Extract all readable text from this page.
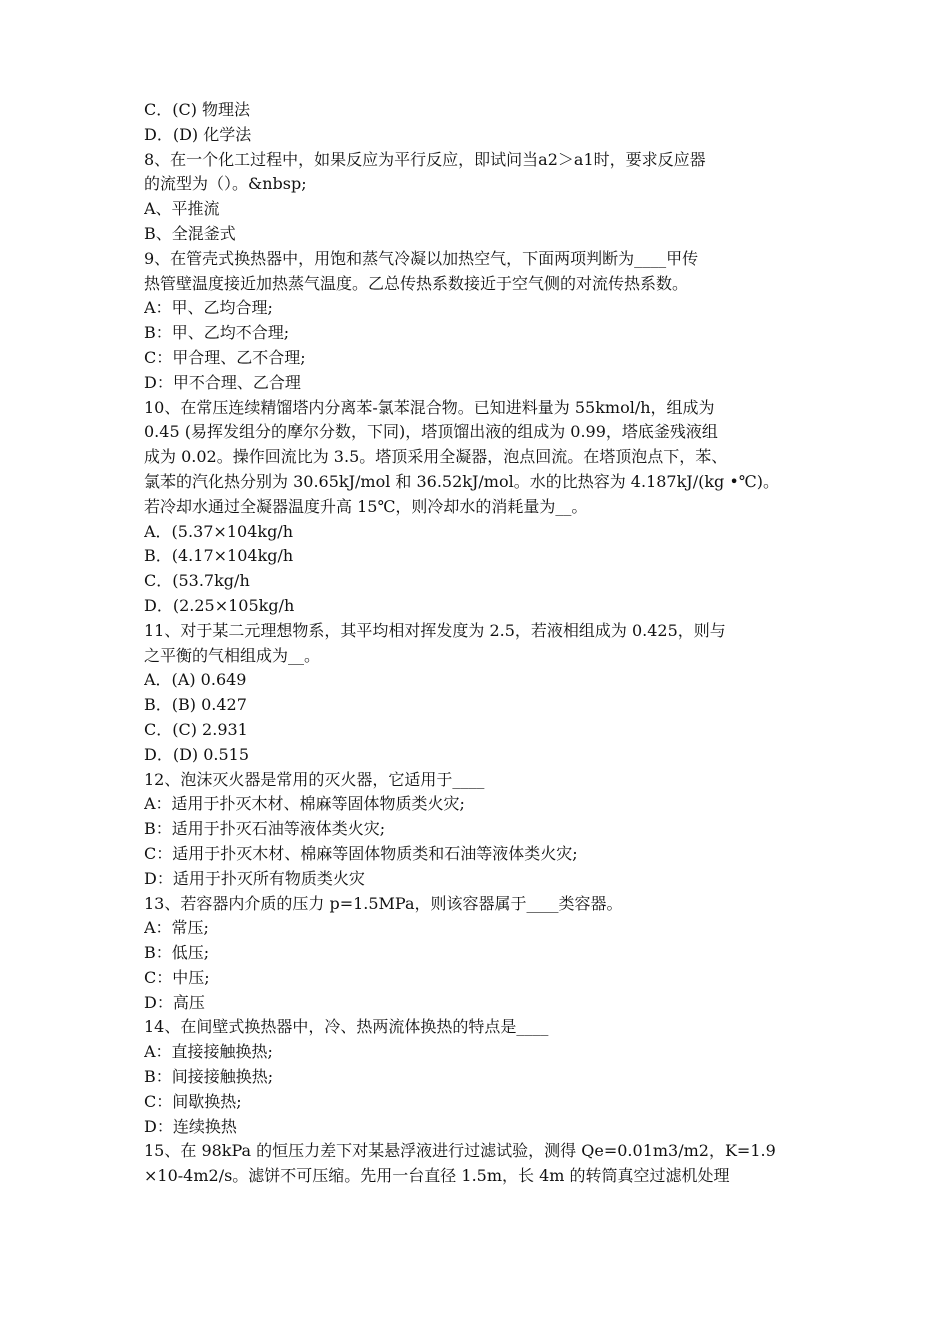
C．(C) 物理法
D．(D) 化学法
8、在一个化工过程中，如果反应为平行反应，即试问当a2＞a1时，要求反应器
的流型为（）。&nbsp;
A、平推流
B、全混釜式
9、在管壳式换热器中，用饱和蒸气冷凝以加热空气，下面两项判断为____甲传
热管壁温度接近加热蒸气温度。乙总传热系数接近于空气侧的对流传热系数。
A：甲、乙均合理;
B：甲、乙均不合理;
C：甲合理、乙不合理;
D：甲不合理、乙合理
10、在常压连续精馏塔内分离苯-氯苯混合物。已知进料量为 55kmol/h，组成为
0.45 (易挥发组分的摩尔分数，下同)，塔顶馏出液的组成为 0.99，塔底釜残液组
成为 0.02。操作回流比为 3.5。塔顶采用全凝器，泡点回流。在塔顶泡点下，苯、
氯苯的汽化热分别为 30.65kJ/mol 和 36.52kJ/mol。水的比热容为 4.187kJ/(kg •℃)。
若冷却水通过全凝器温度升高 15℃，则冷却水的消耗量为__。
A．(5.37×104kg/h
B．(4.17×104kg/h
C．(53.7kg/h
D．(2.25×105kg/h
11、对于某二元理想物系，其平均相对挥发度为 2.5，若液相组成为 0.425，则与
之平衡的气相组成为__。
A．(A) 0.649
B．(B) 0.427
C．(C) 2.931
D．(D) 0.515
12、泡沫灭火器是常用的灭火器，它适用于____
A：适用于扑灭木材、棉麻等固体物质类火灾;
B：适用于扑灭石油等液体类火灾;
C：适用于扑灭木材、棉麻等固体物质类和石油等液体类火灾;
D：适用于扑灭所有物质类火灾
13、若容器内介质的压力 p=1.5MPa，则该容器属于____类容器。
A：常压;
B：低压;
C：中压;
D：高压
14、在间壁式换热器中，冷、热两流体换热的特点是____
A：直接接触换热;
B：间接接触换热;
C：间歇换热;
D：连续换热
15、在 98kPa 的恒压力差下对某悬浮液进行过滤试验，测得 Qe=0.01m3/m2，K=1.9
×10-4m2/s。滤饼不可压缩。先用一台直径 1.5m，长 4m 的转筒真空过滤机处理
